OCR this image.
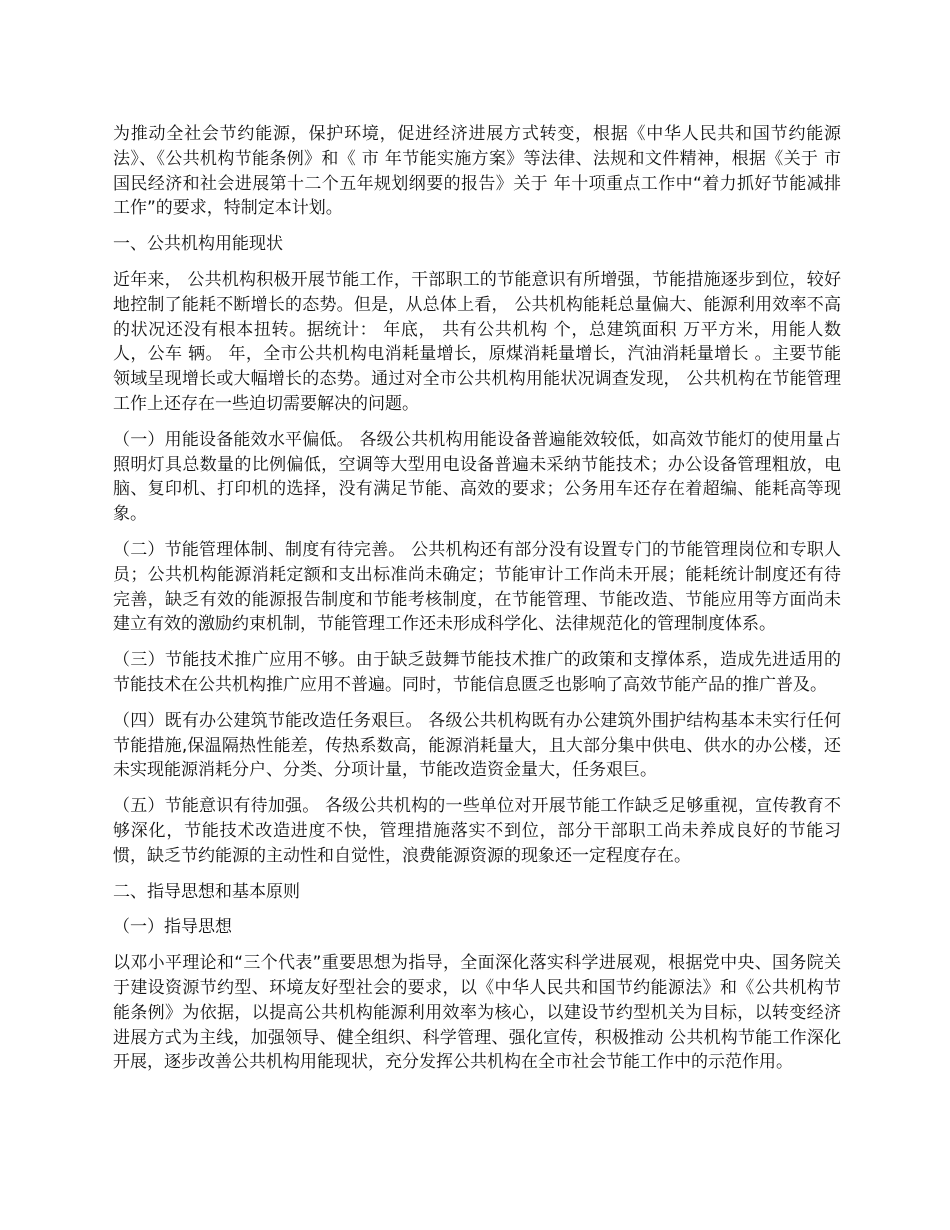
为推动全社会节约能源，保护环境，促进经济进展方式转变，根据《中华人民共和国节约能源法》、《公共机构节能条例》和《 市 年节能实施方案》等法律、法规和文件精神，根据《关于 市国民经济和社会进展第十二个五年规划纲要的报告》关于 年十项重点工作中“着力抓好节能减排工作”的要求，特制定本计划。

一、公共机构用能现状

近年来， 公共机构积极开展节能工作，干部职工的节能意识有所增强，节能措施逐步到位，较好地控制了能耗不断增长的态势。但是，从总体上看， 公共机构能耗总量偏大、能源利用效率不高的状况还没有根本扭转。据统计： 年底， 共有公共机构 个，总建筑面积 万平方米，用能人数 人，公车 辆。 年，全市公共机构电消耗量增长，原煤消耗量增长，汽油消耗量增长 。主要节能领域呈现增长或大幅增长的态势。通过对全市公共机构用能状况调查发现， 公共机构在节能管理工作上还存在一些迫切需要解决的问题。

（一）用能设备能效水平偏低。 各级公共机构用能设备普遍能效较低，如高效节能灯的使用量占照明灯具总数量的比例偏低，空调等大型用电设备普遍未采纳节能技术；办公设备管理粗放，电脑、复印机、打印机的选择，没有满足节能、高效的要求；公务用车还存在着超编、能耗高等现象。

（二）节能管理体制、制度有待完善。 公共机构还有部分没有设置专门的节能管理岗位和专职人员；公共机构能源消耗定额和支出标准尚未确定；节能审计工作尚未开展；能耗统计制度还有待完善，缺乏有效的能源报告制度和节能考核制度，在节能管理、节能改造、节能应用等方面尚未建立有效的激励约束机制，节能管理工作还未形成科学化、法律规范化的管理制度体系。

（三）节能技术推广应用不够。由于缺乏鼓舞节能技术推广的政策和支撑体系，造成先进适用的节能技术在公共机构推广应用不普遍。同时，节能信息匮乏也影响了高效节能产品的推广普及。

（四）既有办公建筑节能改造任务艰巨。 各级公共机构既有办公建筑外围护结构基本未实行任何节能措施,保温隔热性能差，传热系数高，能源消耗量大，且大部分集中供电、供水的办公楼，还未实现能源消耗分户、分类、分项计量，节能改造资金量大，任务艰巨。

（五）节能意识有待加强。 各级公共机构的一些单位对开展节能工作缺乏足够重视，宣传教育不够深化，节能技术改造进度不快，管理措施落实不到位，部分干部职工尚未养成良好的节能习惯，缺乏节约能源的主动性和自觉性，浪费能源资源的现象还一定程度存在。

二、指导思想和基本原则

（一）指导思想

以邓小平理论和“三个代表”重要思想为指导，全面深化落实科学进展观，根据党中央、国务院关于建设资源节约型、环境友好型社会的要求，以《中华人民共和国节约能源法》和《公共机构节能条例》为依据，以提高公共机构能源利用效率为核心，以建设节约型机关为目标，以转变经济进展方式为主线，加强领导、健全组织、科学管理、强化宣传，积极推动 公共机构节能工作深化开展，逐步改善公共机构用能现状，充分发挥公共机构在全市社会节能工作中的示范作用。
